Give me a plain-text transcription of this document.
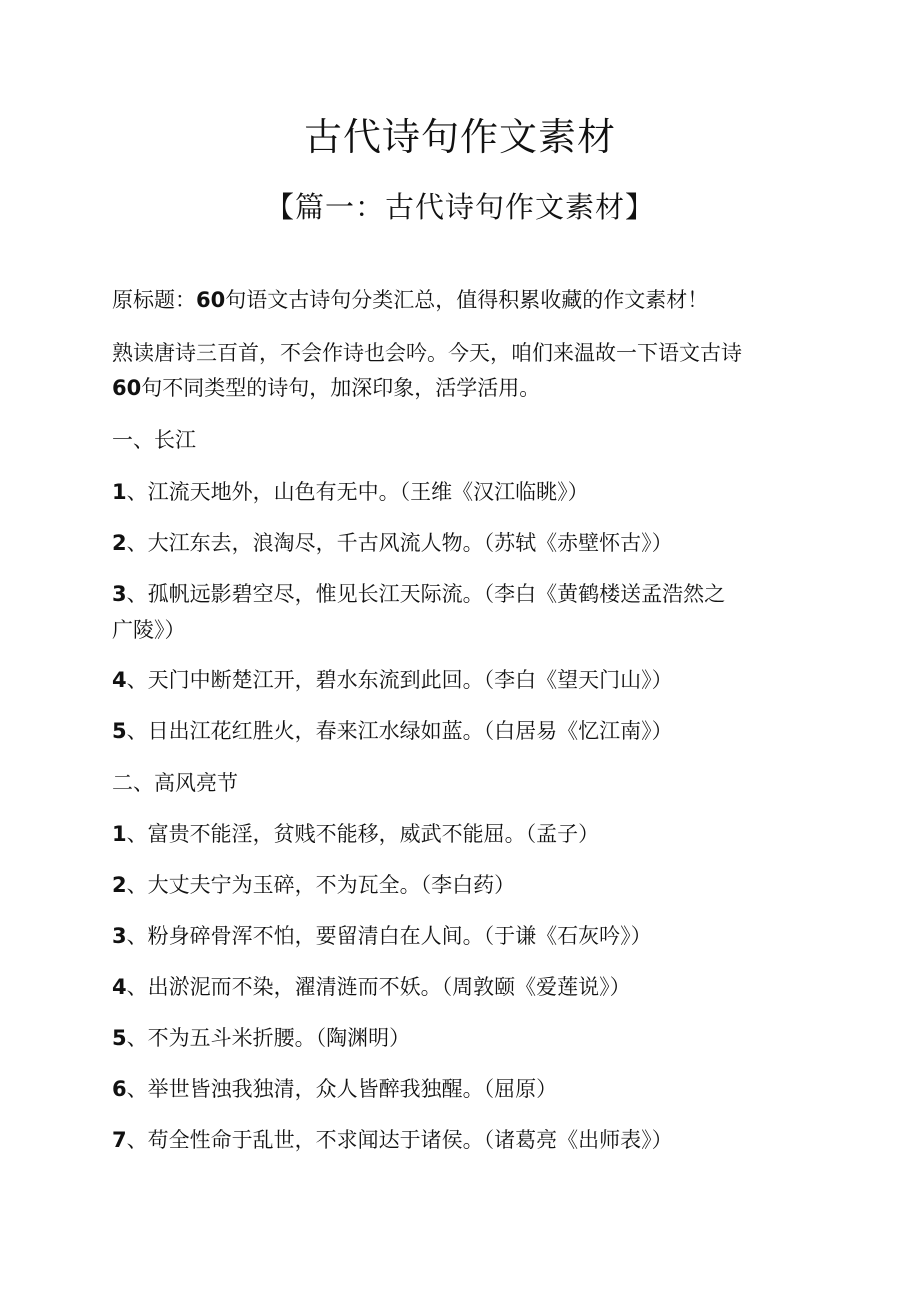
古代诗句作文素材
【篇一：古代诗句作文素材】
原标题：60句语文古诗句分类汇总，值得积累收藏的作文素材！
熟读唐诗三百首，不会作诗也会吟。今天，咱们来温故一下语文古诗
60句不同类型的诗句，加深印象，活学活用。
一、长江
1、江流天地外，山色有无中。（王维《汉江临眺》）
2、大江东去，浪淘尽，千古风流人物。（苏轼《赤壁怀古》）
3、孤帆远影碧空尽，惟见长江天际流。（李白《黄鹤楼送孟浩然之
广陵》）
4、天门中断楚江开，碧水东流到此回。（李白《望天门山》）
5、日出江花红胜火，春来江水绿如蓝。（白居易《忆江南》）
二、高风亮节
1、富贵不能淫，贫贱不能移，威武不能屈。（孟子）
2、大丈夫宁为玉碎，不为瓦全。（李白药）
3、粉身碎骨浑不怕，要留清白在人间。（于谦《石灰吟》）
4、出淤泥而不染，濯清涟而不妖。（周敦颐《爱莲说》）
5、不为五斗米折腰。（陶渊明）
6、举世皆浊我独清，众人皆醉我独醒。（屈原）
7、苟全性命于乱世，不求闻达于诸侯。（诸葛亮《出师表》）
